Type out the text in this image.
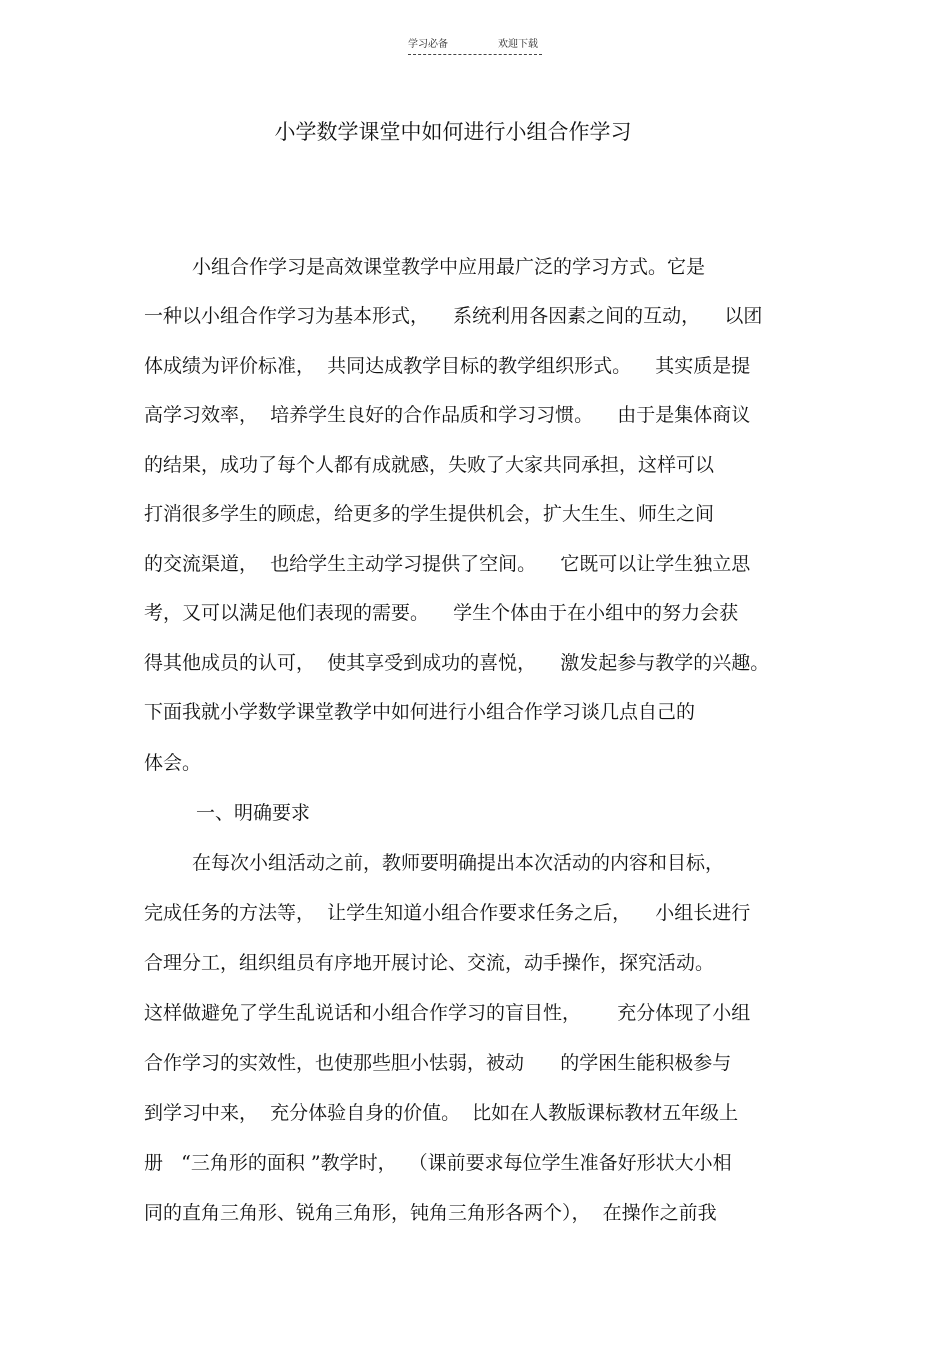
学习必备	欢迎下载
小学数学课堂中如何进行小组合作学习
小组合作学习是高效课堂教学中应用最广泛的学习方式。它是
一种以小组合作学习为基本形式，    系统利用各因素之间的互动，    以团
体成绩为评价标准，  共同达成教学目标的教学组织形式。    其实质是提
高学习效率，  培养学生良好的合作品质和学习习惯。    由于是集体商议
的结果，成功了每个人都有成就感，失败了大家共同承担，这样可以
打消很多学生的顾虑，给更多的学生提供机会，扩大生生、师生之间
的交流渠道，  也给学生主动学习提供了空间。    它既可以让学生独立思
考，又可以满足他们表现的需要。    学生个体由于在小组中的努力会获
得其他成员的认可，  使其享受到成功的喜悦，    激发起参与教学的兴趣。
下面我就小学数学课堂教学中如何进行小组合作学习谈几点自己的
体会。
一、明确要求
在每次小组活动之前，教师要明确提出本次活动的内容和目标，
完成任务的方法等，  让学生知道小组合作要求任务之后，    小组长进行
合理分工，组织组员有序地开展讨论、交流，动手操作，探究活动。
这样做避免了学生乱说话和小组合作学习的盲目性，      充分体现了小组
合作学习的实效性，也使那些胆小怯弱，被动      的学困生能积极参与
到学习中来，  充分体验自身的价值。  比如在人教版课标教材五年级上
册   “三角形的面积 ”教学时，  （课前要求每位学生准备好形状大小相
同的直角三角形、锐角三角形，钝角三角形各两个），  在操作之前我
